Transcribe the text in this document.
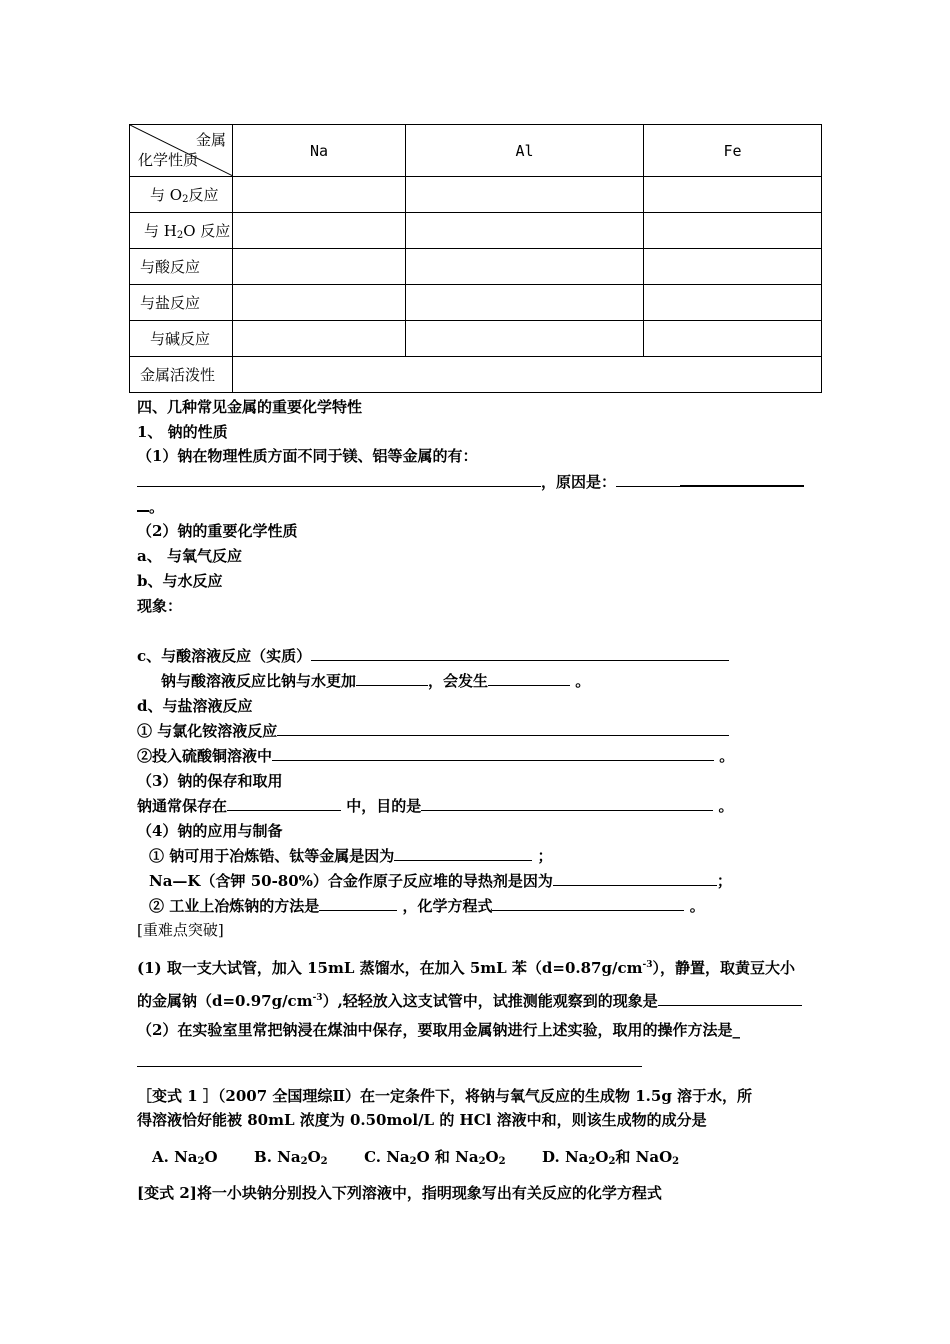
金属
化学性质	Na	Al	Fe
与 $O_2$反应			
与 $H_2O$ 反应			
与酸反应			
与盐反应			
与碱反应			
金属活泼性			
四、几种常见金属的重要化学特性
1、 钠的性质
（1）钠在物理性质方面不同于镁、铝等金属的有：
，原因是：
。
（2）钠的重要化学性质
a、 与氧气反应
b、与水反应
现象：
c、与酸溶液反应（实质）
钠与酸溶液反应比钠与水更加	，会发生	。
d、与盐溶液反应
① 与氯化铵溶液反应
②投入硫酸铜溶液中	。
（3）钠的保存和取用
钠通常保存在	中，目的是	。
（4）钠的应用与制备
① 钠可用于冶炼锆、钛等金属是因为	；
Na—K（含钾 50-80%）合金作原子反应堆的导热剂是因为	；
② 工业上冶炼钠的方法是	，化学方程式	。
[重难点突破]
(1) 取一支大试管，加入 15mL 蒸馏水，在加入 5mL 苯$(d=0.87g/cm^{-3})$，静置，取黄豆大小
的金属钠$(d=0.97g/cm^{-3})$,轻轻放入这支试管中，试推测能观察到的现象是
（2）在实验室里常把钠浸在煤油中保存，要取用金属钠进行上述实验，取用的操作方法是_
［变式 1 ］（2007 全国理综Ⅱ）在一定条件下，将钠与氧气反应的生成物 1.5g 溶于水，所
得溶液恰好能被 80mL 浓度为 0.50mol/L 的 HCl 溶液中和，则该生成物的成分是
A. $Na_2O$ B. $Na_2O_2$ C. $Na_2O$ 和 $Na_2O_2$ D. $Na_2O_2$和 NaO$_2$
[变式 2]将一小块钠分别投入下列溶液中，指明现象写出有关反应的化学方程式
